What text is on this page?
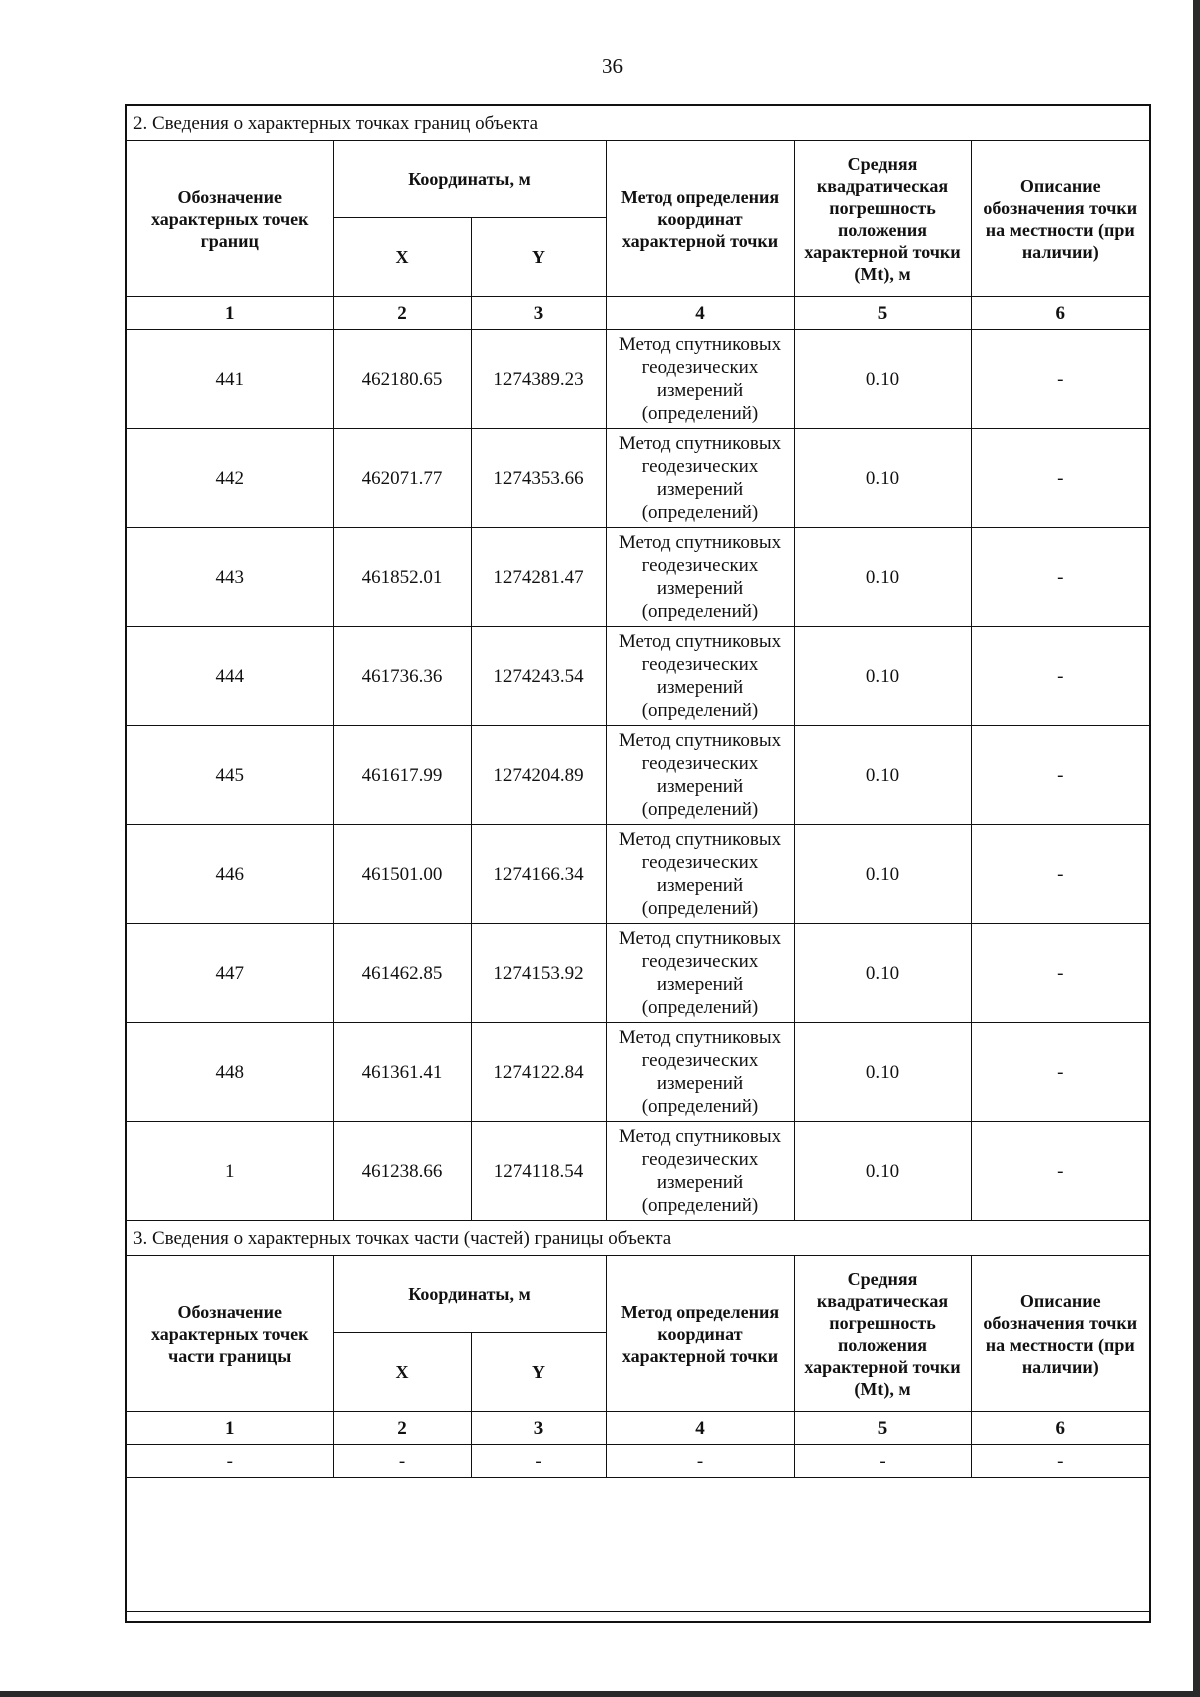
36
2. Сведения о характерных точках границ объекта					
Обозначение характерных точек границ	Координаты, м		Метод определения координат характерной точки	Средняя квадратическая погрешность положения характерной точки (Mt), м	Описание обозначения точки на местности (при наличии)
	X	Y			
1	2	3	4	5	6
441	462180.65	1274389.23	Метод спутниковых геодезических измерений (определений)	0.10	-
442	462071.77	1274353.66	Метод спутниковых геодезических измерений (определений)	0.10	-
443	461852.01	1274281.47	Метод спутниковых геодезических измерений (определений)	0.10	-
444	461736.36	1274243.54	Метод спутниковых геодезических измерений (определений)	0.10	-
445	461617.99	1274204.89	Метод спутниковых геодезических измерений (определений)	0.10	-
446	461501.00	1274166.34	Метод спутниковых геодезических измерений (определений)	0.10	-
447	461462.85	1274153.92	Метод спутниковых геодезических измерений (определений)	0.10	-
448	461361.41	1274122.84	Метод спутниковых геодезических измерений (определений)	0.10	-
1	461238.66	1274118.54	Метод спутниковых геодезических измерений (определений)	0.10	-
3. Сведения о характерных точках части (частей) границы объекта					
Обозначение характерных точек части границы	Координаты, м		Метод определения координат характерной точки	Средняя квадратическая погрешность положения характерной точки (Mt), м	Описание обозначения точки на местности (при наличии)
	X	Y			
1	2	3	4	5	6
-	-	-	-	-	-
